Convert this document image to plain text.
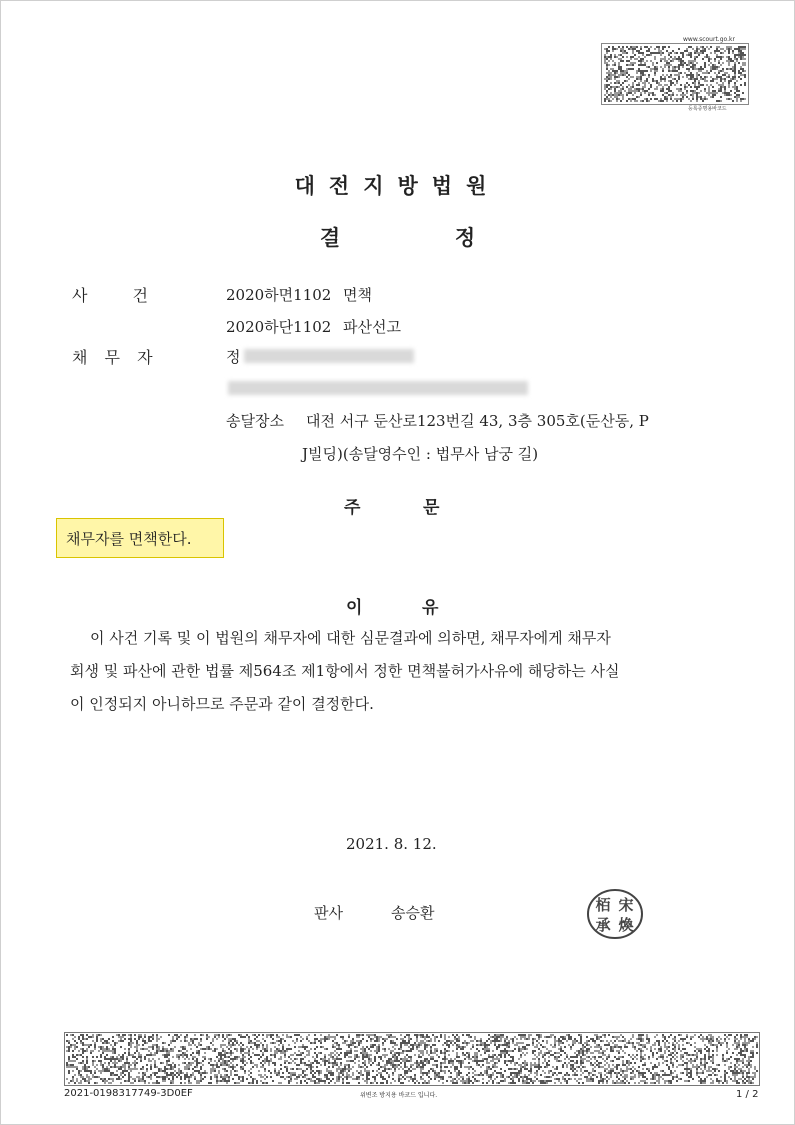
www.scourt.go.kr
등록증명용바코드
대전지방법원
결	정
사 건	2020하면1102 면책
2020하단1102 파산선고
채 무 자	정
송달장소 대전 서구 둔산로123번길 43, 3층 305호(둔산동, P
J빌딩)(송달영수인 : 법무사 남궁 길)
주	문
채무자를 면책한다.
이	유
이 사건 기록 및 이 법원의 채무자에 대한 심문결과에 의하면, 채무자에게 채무자
회생 및 파산에 관한 법률 제564조 제1항에서 정한 면책불허가사유에 해당하는 사실
이 인정되지 아니하므로 주문과 같이 결정한다.
2021. 8. 12.
판사	송승환	栢 宋
承 煥
2021-0198317749-3D0EF	위변조 방지용 바코드 입니다.	1 / 2
